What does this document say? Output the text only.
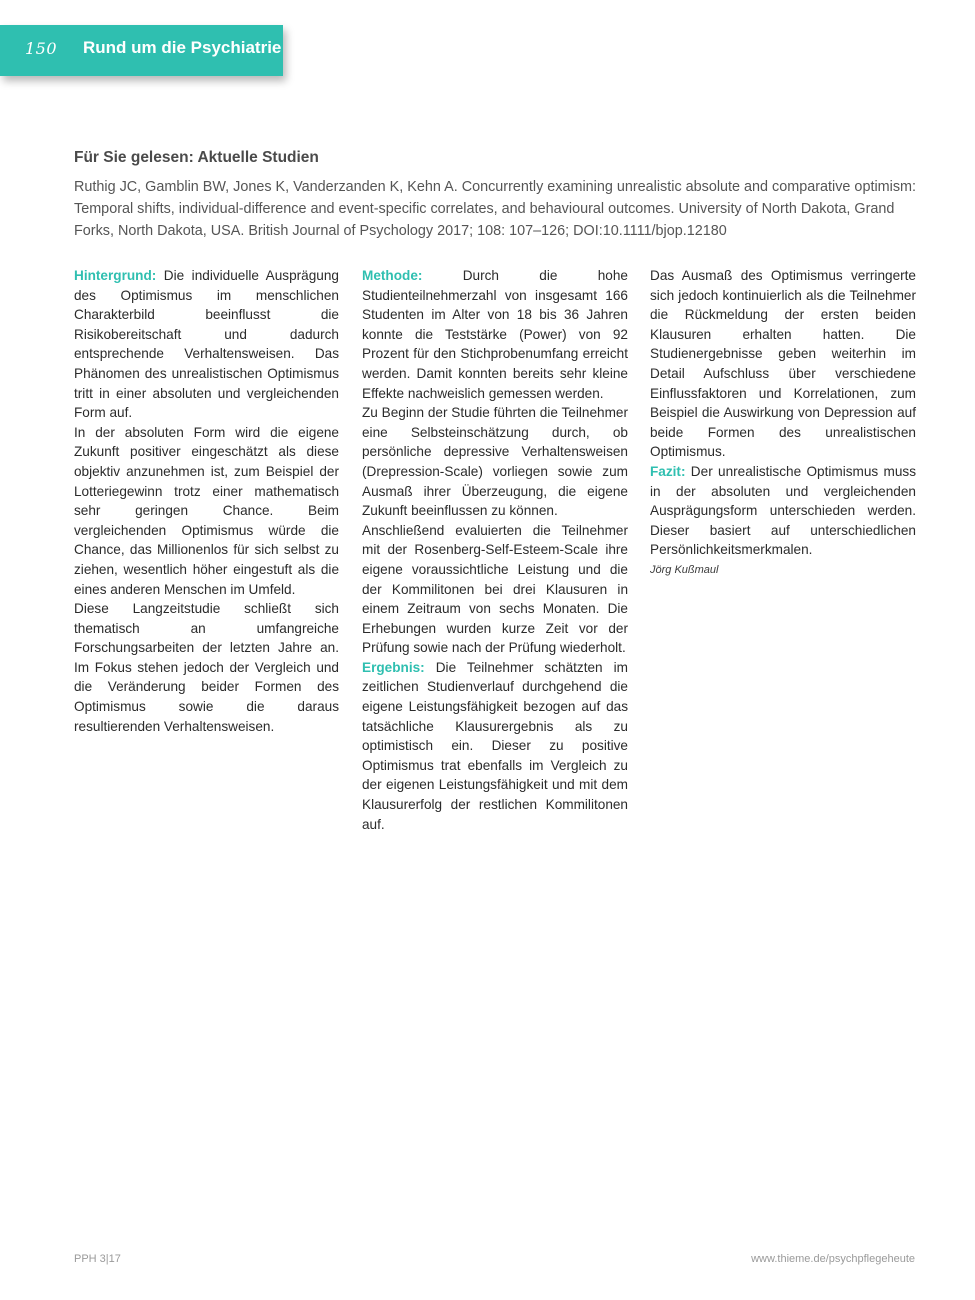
150 Rund um die Psychiatrie
Für Sie gelesen: Aktuelle Studien
Ruthig JC, Gamblin BW, Jones K, Vanderzanden K, Kehn A. Concurrently examining unrealistic absolute and comparative optimism: Temporal shifts, individual-difference and event-specific correlates, and behavioural outcomes. University of North Dakota, Grand Forks, North Dakota, USA. British Journal of Psychology 2017; 108: 107–126; DOI:10.1111/bjop.12180

Hintergrund: Die individuelle Ausprägung des Optimismus im menschlichen Charakterbild beeinflusst die Risikobereitschaft und dadurch entsprechende Verhaltensweisen. Das Phänomen des unrealistischen Optimismus tritt in einer absoluten und vergleichenden Form auf.

In der absoluten Form wird die eigene Zukunft positiver eingeschätzt als diese objektiv anzunehmen ist, zum Beispiel der Lotteriegewinn trotz einer mathematisch sehr geringen Chance. Beim vergleichenden Optimismus würde die Chance, das Millionenlos für sich selbst zu ziehen, wesentlich höher eingestuft als die eines anderen Menschen im Umfeld.

Diese Langzeitstudie schließt sich thematisch an umfangreiche Forschungsarbeiten der letzten Jahre an. Im Fokus stehen jedoch der Vergleich und die Veränderung beider Formen des Optimismus sowie die daraus resultierenden Verhaltensweisen.

Methode: Durch die hohe Studienteilnehmerzahl von insgesamt 166 Studenten im Alter von 18 bis 36 Jahren konnte die Teststärke (Power) von 92 Prozent für den Stichprobenumfang erreicht werden. Damit konnten bereits sehr kleine Effekte nachweislich gemessen werden.

Zu Beginn der Studie führten die Teilnehmer eine Selbsteinschätzung durch, ob persönliche depressive Verhaltensweisen (Drepression-Scale) vorliegen sowie zum Ausmaß ihrer Überzeugung, die eigene Zukunft beeinflussen zu können.

Anschließend evaluierten die Teilnehmer mit der Rosenberg-Self-Esteem-Scale ihre eigene voraussichtliche Leistung und die der Kommilitonen bei drei Klausuren in einem Zeitraum von sechs Monaten. Die Erhebungen wurden kurze Zeit vor der Prüfung sowie nach der Prüfung wiederholt.

Ergebnis: Die Teilnehmer schätzten im zeitlichen Studienverlauf durchgehend die eigene Leistungsfähigkeit bezogen auf das tatsächliche Klausurergebnis als zu optimistisch ein. Dieser zu positive Optimismus trat ebenfalls im Vergleich zu der eigenen Leistungsfähigkeit und mit dem Klausurerfolg der restlichen Kommilitonen auf.

Das Ausmaß des Optimismus verringerte sich jedoch kontinuierlich als die Teilnehmer die Rückmeldung der ersten beiden Klausuren erhalten hatten. Die Studienergebnisse geben weiterhin im Detail Aufschluss über verschiedene Einflussfaktoren und Korrelationen, zum Beispiel die Auswirkung von Depression auf beide Formen des unrealistischen Optimismus.

Fazit: Der unrealistische Optimismus muss in der absoluten und vergleichenden Ausprägungsform unterschieden werden. Dieser basiert auf unterschiedlichen Persönlichkeitsmerkmalen.

Jörg Kußmaul
PPH 3|17	www.thieme.de/psychpflegeheute
